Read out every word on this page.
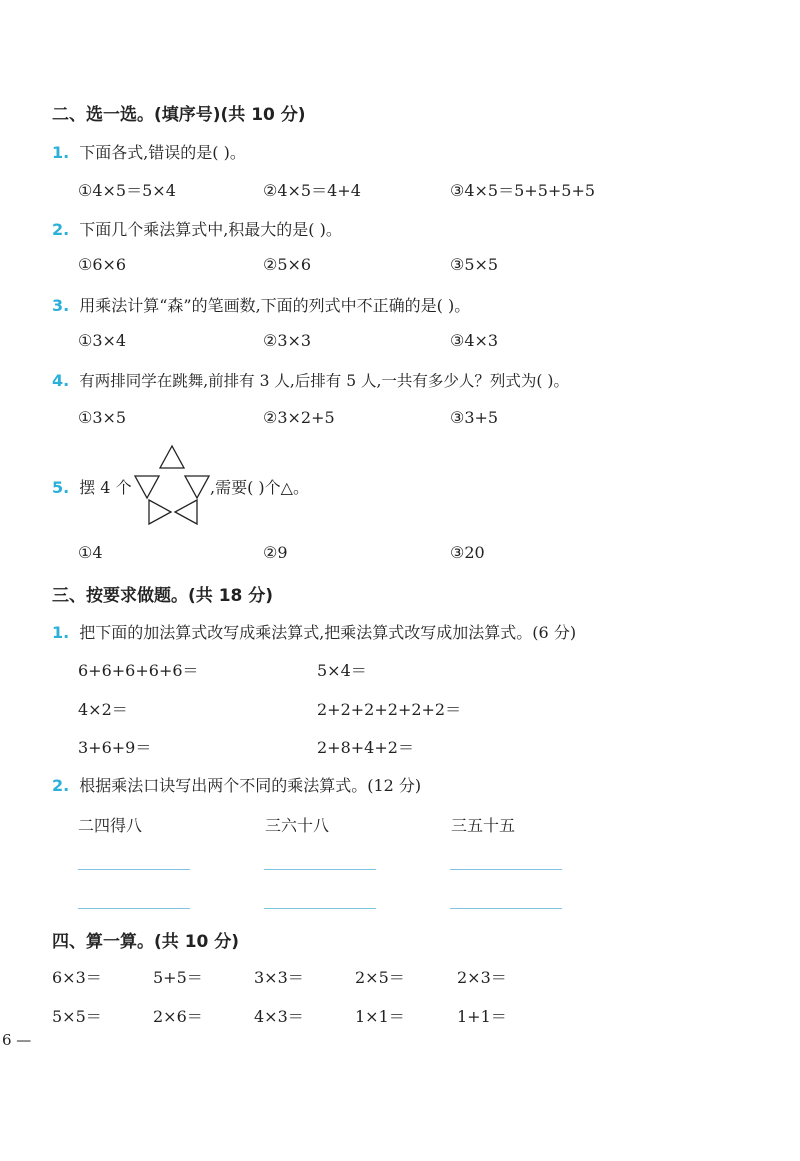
二、选一选。(填序号)(共 10 分)
1. 下面各式,错误的是( )。
①4×5＝5×4	②4×5＝4+4	③4×5＝5+5+5+5
2. 下面几个乘法算式中,积最大的是( )。
①6×6	②5×6	③5×5
3. 用乘法计算“森”的笔画数,下面的列式中不正确的是( )。
①3×4	②3×3	③4×3
4. 有两排同学在跳舞,前排有 3 人,后排有 5 人,一共有多少人？列式为( )。
①3×5	②3×2+5	③3+5
5. 摆 4 个	,需要( )个△。
①4	②9	③20
三、按要求做题。(共 18 分)
1. 把下面的加法算式改写成乘法算式,把乘法算式改写成加法算式。(6 分)
6+6+6+6+6＝	5×4＝
4×2＝	2+2+2+2+2+2＝
3+6+9＝	2+8+4+2＝
2. 根据乘法口诀写出两个不同的乘法算式。(12 分)
二四得八	三六十八	三五十五
四、算一算。(共 10 分)
6×3＝	5+5＝	3×3＝	2×5＝	2×3＝
5×5＝	2×6＝	4×3＝	1×1＝	1+1＝
6 —
